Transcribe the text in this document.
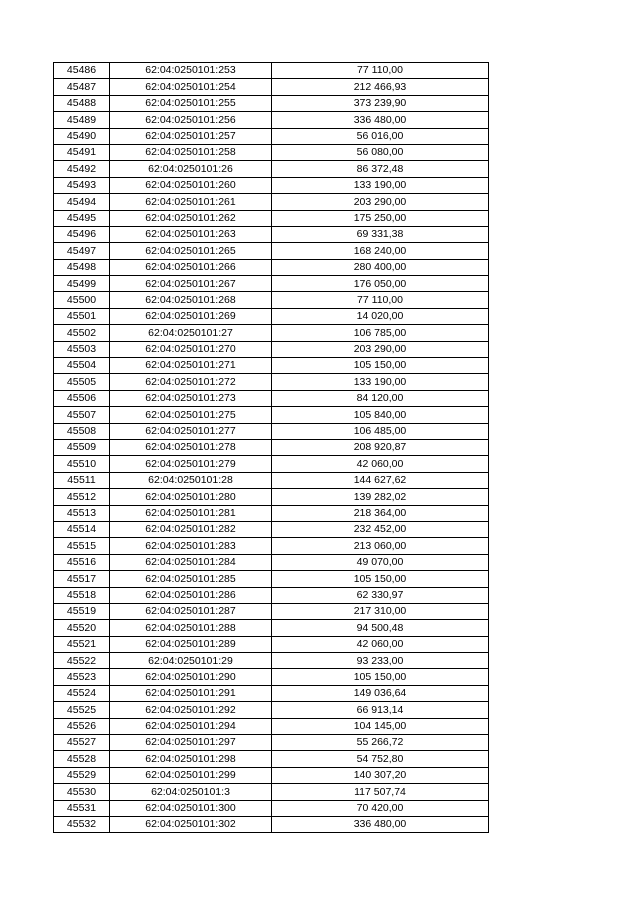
45486	62:04:0250101:253	77 110,00
45487	62:04:0250101:254	212 466,93
45488	62:04:0250101:255	373 239,90
45489	62:04:0250101:256	336 480,00
45490	62:04:0250101:257	56 016,00
45491	62:04:0250101:258	56 080,00
45492	62:04:0250101:26	86 372,48
45493	62:04:0250101:260	133 190,00
45494	62:04:0250101:261	203 290,00
45495	62:04:0250101:262	175 250,00
45496	62:04:0250101:263	69 331,38
45497	62:04:0250101:265	168 240,00
45498	62:04:0250101:266	280 400,00
45499	62:04:0250101:267	176 050,00
45500	62:04:0250101:268	77 110,00
45501	62:04:0250101:269	14 020,00
45502	62:04:0250101:27	106 785,00
45503	62:04:0250101:270	203 290,00
45504	62:04:0250101:271	105 150,00
45505	62:04:0250101:272	133 190,00
45506	62:04:0250101:273	84 120,00
45507	62:04:0250101:275	105 840,00
45508	62:04:0250101:277	106 485,00
45509	62:04:0250101:278	208 920,87
45510	62:04:0250101:279	42 060,00
45511	62:04:0250101:28	144 627,62
45512	62:04:0250101:280	139 282,02
45513	62:04:0250101:281	218 364,00
45514	62:04:0250101:282	232 452,00
45515	62:04:0250101:283	213 060,00
45516	62:04:0250101:284	49 070,00
45517	62:04:0250101:285	105 150,00
45518	62:04:0250101:286	62 330,97
45519	62:04:0250101:287	217 310,00
45520	62:04:0250101:288	94 500,48
45521	62:04:0250101:289	42 060,00
45522	62:04:0250101:29	93 233,00
45523	62:04:0250101:290	105 150,00
45524	62:04:0250101:291	149 036,64
45525	62:04:0250101:292	66 913,14
45526	62:04:0250101:294	104 145,00
45527	62:04:0250101:297	55 266,72
45528	62:04:0250101:298	54 752,80
45529	62:04:0250101:299	140 307,20
45530	62:04:0250101:3	117 507,74
45531	62:04:0250101:300	70 420,00
45532	62:04:0250101:302	336 480,00
